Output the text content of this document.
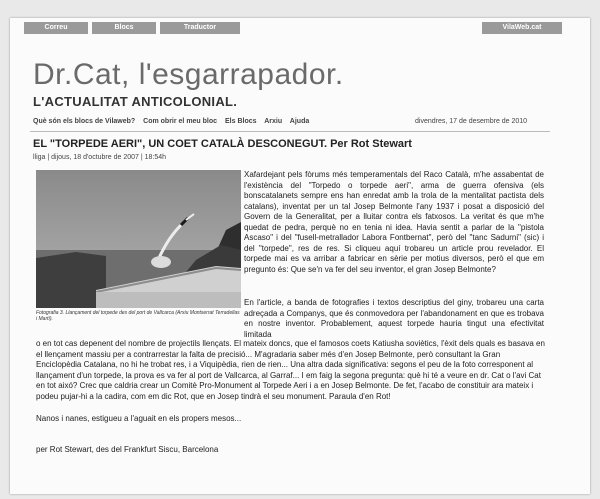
Correu	Blocs	Traductor	VilaWeb.cat
Dr.Cat, l'esgarrapador.
L'ACTUALITAT ANTICOLONIAL.
Què són els blocs de Vilaweb? Com obrir el meu bloc Els Blocs Arxiu Ajuda	divendres, 17 de desembre de 2010
EL "TORPEDE AERI", UN COET CATALÀ DESCONEGUT. Per Rot Stewart
lliga | dijous, 18 d'octubre de 2007 | 18:54h
Fotografia 3. Llançament del torpede des del port de Vallcarca (Arxiu Montserrat Terradellas i Martí).

Xafardejant pels fòrums més temperamentals del Raco Català, m'he assabentat de l'existència del "Torpedo o torpede aeri", arma de guerra ofensiva (els bonscatalanets sempre ens han enredat amb la trola de la mentalitat pactista dels catalans), inventat per un tal Josep Belmonte l'any 1937 i posat a disposició del Govern de la Generalitat, per a lluitar contra els fatxosos. La veritat és que m'he quedat de pedra, perquè no en tenia ni idea. Havia sentit a parlar de la "pistola Ascaso" i del "fusell-metrallador Labora Fontbernat", però del "tanc Sadurni" (sic) i del "torpede", res de res. Si cliqueu aquí trobareu un article prou revelador. El torpede mai es va arribar a fabricar en sèrie per motius diversos, però el que em pregunto és: Que se'n va fer del seu inventor, el gran Josep Belmonte?

En l'article, a banda de fotografies i textos descriptius del giny, trobareu una carta adreçada a Companys, que és conmovedora per l'abandonament en que es trobava en nostre inventor. Probablement, aquest torpede hauria tingut una efectivitat limitada

o en tot cas depenent del nombre de projectils llençats. El mateix doncs, que el famosos coets Katiusha soviètics, l'èxit dels quals es basava en el llençament massiu per a contrarrestar la falta de precisió... M'agradaria saber més d'en Josep Belmonte, però consultant la Gran Enciclopèdia Catalana, no hi he trobat res, i a Viquipèdia, rien de rien... Una altra dada significativa: segons el peu de la foto corresponent al llançament d'un torpede, la prova es va fer al port de Vallcarca, al Garraf... I em faig la segona pregunta: què hi té a veure en dr. Cat o l'avi Cat en tot aixó? Crec que caldria crear un Comitè Pro-Monument al Torpede Aeri i a en Josep Belmonte. De fet, l'acabo de constituir ara mateix i podeu pujar-hi a la cadira, com em dic Rot, que en Josep tindrà el seu monument. Paraula d'en Rot!

Nanos i nanes, estigueu a l'aguait en els propers mesos...

per Rot Stewart, des del Frankfurt Siscu, Barcelona
